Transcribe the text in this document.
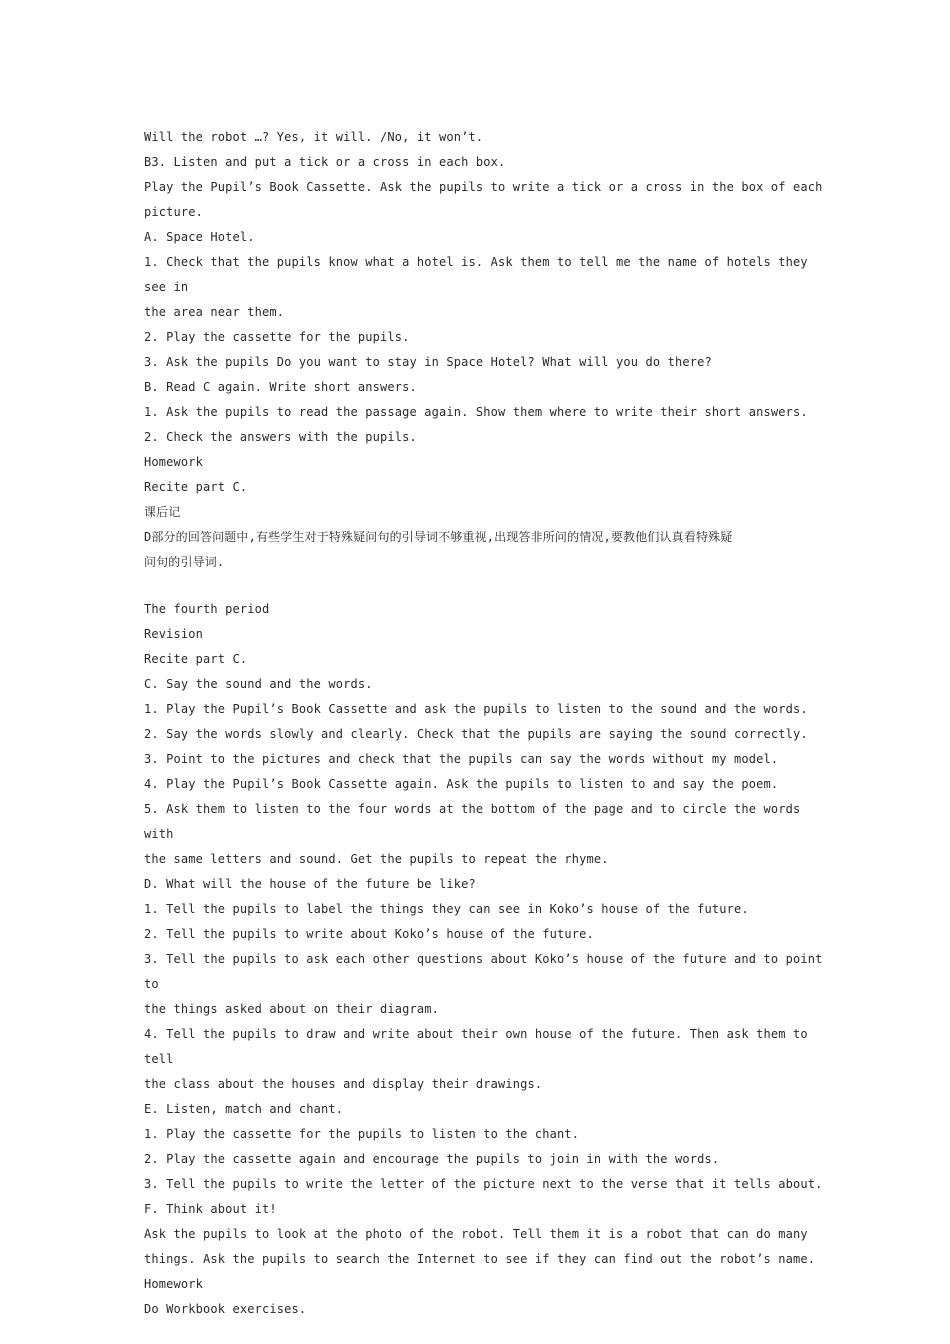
Will the robot …? Yes, it will. /No, it won’t.
B3. Listen and put a tick or a cross in each box.
Play the Pupil’s Book Cassette. Ask the pupils to write a tick or a cross in the box of each
picture.
A. Space Hotel.
1. Check that the pupils know what a hotel is. Ask them to tell me the name of hotels they see in
the area near them.
2. Play the cassette for the pupils.
3. Ask the pupils Do you want to stay in Space Hotel? What will you do there?
B. Read C again. Write short answers.
1. Ask the pupils to read the passage again. Show them where to write their short answers.
2. Check the answers with the pupils.
Homework
Recite part C.
课后记
D部分的回答问题中,有些学生对于特殊疑问句的引导词不够重视,出现答非所问的情况,要教他们认真看特殊疑
问句的引导词.
The fourth period
Revision
Recite part C.
C. Say the sound and the words.
1. Play the Pupil’s Book Cassette and ask the pupils to listen to the sound and the words.
2. Say the words slowly and clearly. Check that the pupils are saying the sound correctly.
3. Point to the pictures and check that the pupils can say the words without my model.
4. Play the Pupil’s Book Cassette again. Ask the pupils to listen to and say the poem.
5. Ask them to listen to the four words at the bottom of the page and to circle the words with
the same letters and sound. Get the pupils to repeat the rhyme.
D. What will the house of the future be like?
1. Tell the pupils to label the things they can see in Koko’s house of the future.
2. Tell the pupils to write about Koko’s house of the future.
3. Tell the pupils to ask each other questions about Koko’s house of the future and to point to
the things asked about on their diagram.
4. Tell the pupils to draw and write about their own house of the future. Then ask them to tell
the class about the houses and display their drawings.
E. Listen, match and chant.
1. Play the cassette for the pupils to listen to the chant.
2. Play the cassette again and encourage the pupils to join in with the words.
3. Tell the pupils to write the letter of the picture next to the verse that it tells about.
F. Think about it!
Ask the pupils to look at the photo of the robot. Tell them it is a robot that can do many
things. Ask the pupils to search the Internet to see if they can find out the robot’s name.
Homework
Do Workbook exercises.
